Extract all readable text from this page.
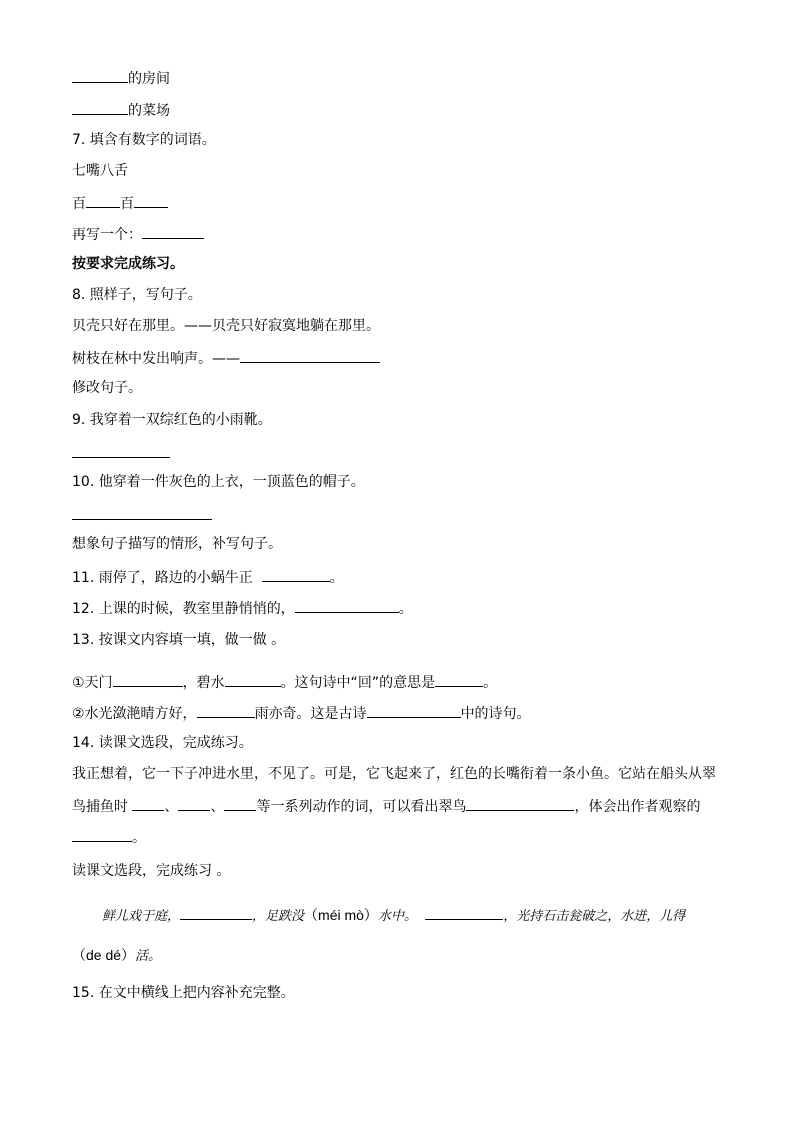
的房间
的菜场
7. 填含有数字的词语。
七嘴八舌
百 百
再写一个：
按要求完成练习。
8. 照样子，写句子。
贝壳只好在那里。——贝壳只好寂寞地躺在那里。
树枝在林中发出响声。——
修改句子。
9. 我穿着一双综红色的小雨靴。
10. 他穿着一件灰色的上衣，一顶蓝色的帽子。
想象句子描写的情形，补写句子。
11. 雨停了，路边的小蜗牛正	。
12. 上课的时候，教室里静悄悄的，	。
13. 按课文内容填一填，做一做 。
①天门	，碧水	。这句诗中“回”的意思是	。
②水光潋滟晴方好，	雨亦奇。这是古诗	中的诗句。
14. 读课文选段，完成练习。
我正想着，它一下子冲进水里，不见了。可是，它飞起来了，红色的长嘴衔着一条小鱼。它站在船头从翠
鸟捕鱼时	、 、 等一系列动作的词，可以看出翠鸟	，体会出作者观察的
。
读课文选段，完成练习 。
鲜儿戏于庭，	，足跌没（méi mò）水中。	，光持石击瓮破之，水迸，儿得
（de dé）活。
15. 在文中横线上把内容补充完整。
